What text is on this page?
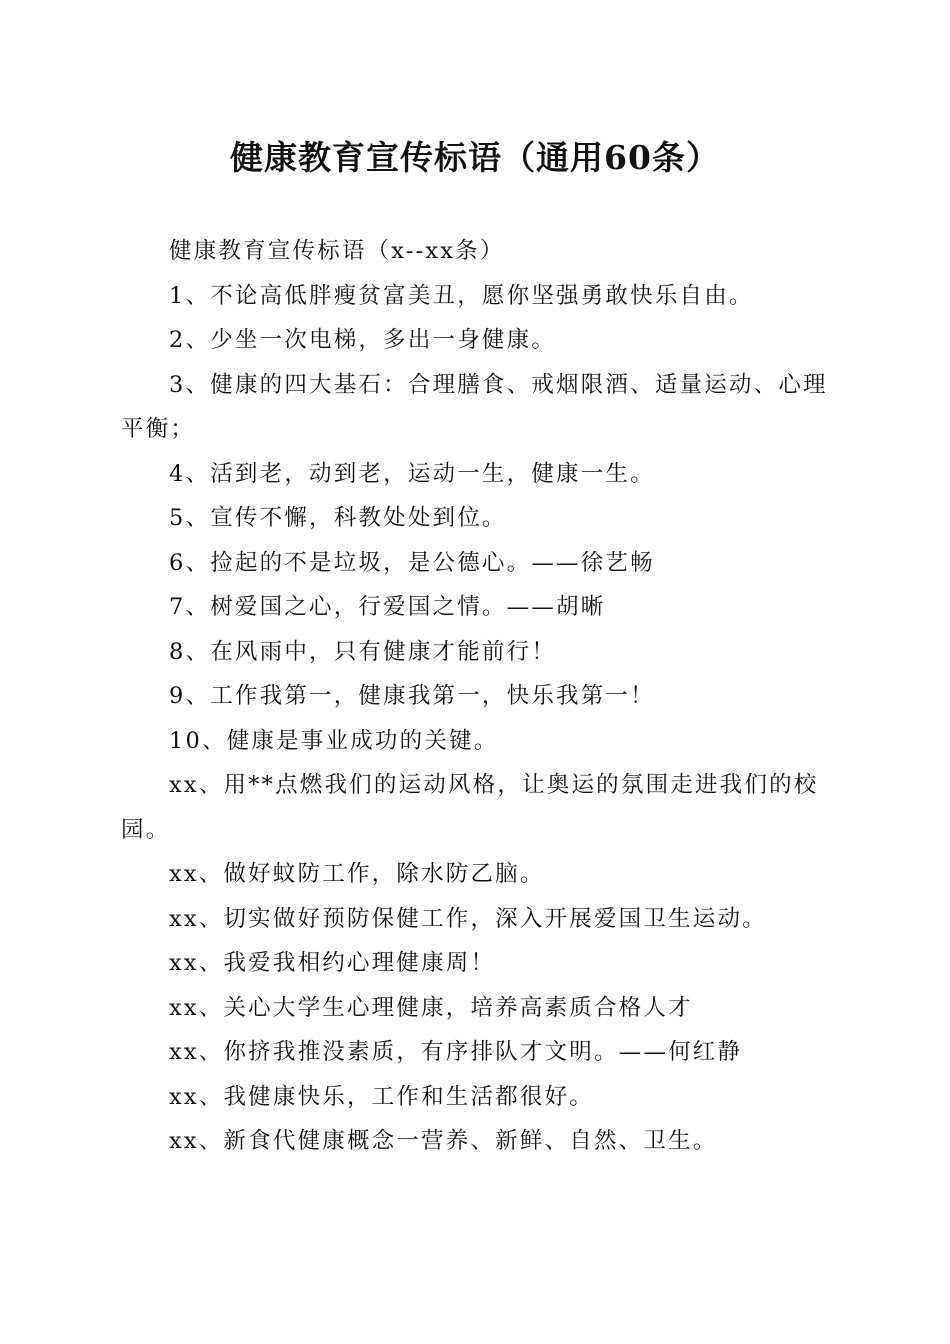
健康教育宣传标语（通用60条）

健康教育宣传标语（x--xx条）

1、不论高低胖瘦贫富美丑，愿你坚强勇敢快乐自由。

2、少坐一次电梯，多出一身健康。

3、健康的四大基石：合理膳食、戒烟限酒、适量运动、心理平衡；

4、活到老，动到老，运动一生，健康一生。

5、宣传不懈，科教处处到位。

6、捡起的不是垃圾，是公德心。——徐艺畅

7、树爱国之心，行爱国之情。——胡晰

8、在风雨中，只有健康才能前行！

9、工作我第一，健康我第一，快乐我第一！

10、健康是事业成功的关键。

xx、用**点燃我们的运动风格，让奥运的氛围走进我们的校园。

xx、做好蚊防工作，除水防乙脑。

xx、切实做好预防保健工作，深入开展爱国卫生运动。

xx、我爱我相约心理健康周！

xx、关心大学生心理健康，培养高素质合格人才

xx、你挤我推没素质，有序排队才文明。——何红静

xx、我健康快乐，工作和生活都很好。

xx、新食代健康概念一营养、新鲜、自然、卫生。
